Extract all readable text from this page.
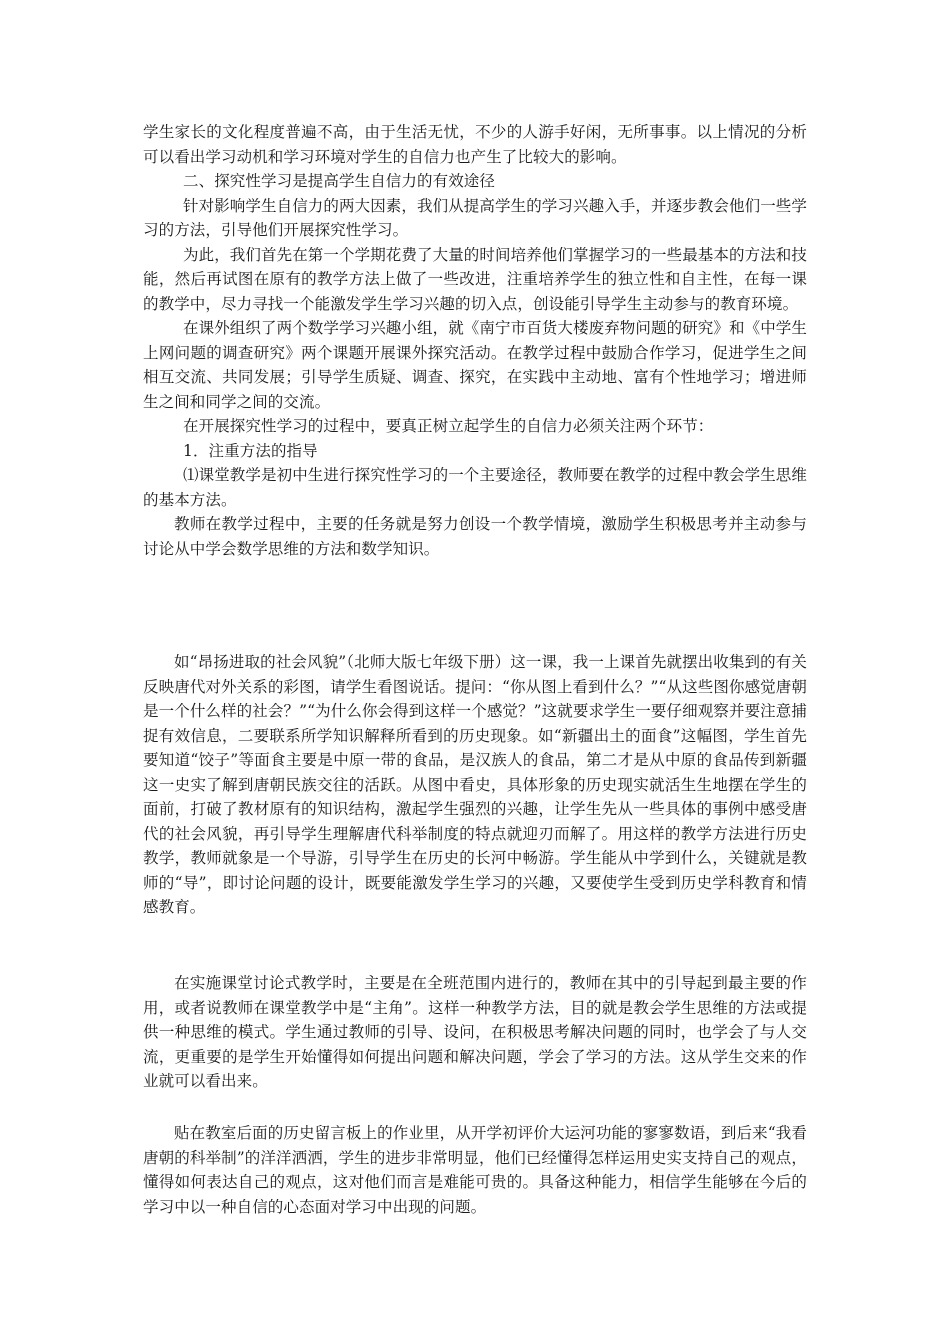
学生家长的文化程度普遍不高，由于生活无忧，不少的人游手好闲，无所事事。以上情况的分析可以看出学习动机和学习环境对学生的自信力也产生了比较大的影响。

二、探究性学习是提高学生自信力的有效途径

针对影响学生自信力的两大因素，我们从提高学生的学习兴趣入手，并逐步教会他们一些学习的方法，引导他们开展探究性学习。

为此，我们首先在第一个学期花费了大量的时间培养他们掌握学习的一些最基本的方法和技能，然后再试图在原有的教学方法上做了一些改进，注重培养学生的独立性和自主性，在每一课的教学中，尽力寻找一个能激发学生学习兴趣的切入点，创设能引导学生主动参与的教育环境。

在课外组织了两个数学学习兴趣小组，就《南宁市百货大楼废弃物问题的研究》和《中学生上网问题的调查研究》两个课题开展课外探究活动。在教学过程中鼓励合作学习，促进学生之间相互交流、共同发展；引导学生质疑、调查、探究，在实践中主动地、富有个性地学习；增进师生之间和同学之间的交流。

在开展探究性学习的过程中，要真正树立起学生的自信力必须关注两个环节：

1．注重方法的指导

⑴课堂教学是初中生进行探究性学习的一个主要途径，教师要在教学的过程中教会学生思维的基本方法。

教师在教学过程中，主要的任务就是努力创设一个教学情境，激励学生积极思考并主动参与讨论从中学会数学思维的方法和数学知识。

如“昂扬进取的社会风貌”（北师大版七年级下册）这一课，我一上课首先就摆出收集到的有关反映唐代对外关系的彩图，请学生看图说话。提问：“你从图上看到什么？”“从这些图你感觉唐朝是一个什么样的社会？”“为什么你会得到这样一个感觉？”这就要求学生一要仔细观察并要注意捕捉有效信息，二要联系所学知识解释所看到的历史现象。如“新疆出土的面食”这幅图，学生首先要知道“饺子”等面食主要是中原一带的食品，是汉族人的食品，第二才是从中原的食品传到新疆这一史实了解到唐朝民族交往的活跃。从图中看史，具体形象的历史现实就活生生地摆在学生的面前，打破了教材原有的知识结构，激起学生强烈的兴趣，让学生先从一些具体的事例中感受唐代的社会风貌，再引导学生理解唐代科举制度的特点就迎刃而解了。用这样的教学方法进行历史教学，教师就象是一个导游，引导学生在历史的长河中畅游。学生能从中学到什么，关键就是教师的“导”，即讨论问题的设计，既要能激发学生学习的兴趣，又要使学生受到历史学科教育和情感教育。

在实施课堂讨论式教学时，主要是在全班范围内进行的，教师在其中的引导起到最主要的作用，或者说教师在课堂教学中是“主角”。这样一种教学方法，目的就是教会学生思维的方法或提供一种思维的模式。学生通过教师的引导、设问，在积极思考解决问题的同时，也学会了与人交流，更重要的是学生开始懂得如何提出问题和解决问题，学会了学习的方法。这从学生交来的作业就可以看出来。

贴在教室后面的历史留言板上的作业里，从开学初评价大运河功能的寥寥数语，到后来“我看唐朝的科举制”的洋洋洒洒，学生的进步非常明显，他们已经懂得怎样运用史实支持自己的观点，懂得如何表达自己的观点，这对他们而言是难能可贵的。具备这种能力，相信学生能够在今后的学习中以一种自信的心态面对学习中出现的问题。
